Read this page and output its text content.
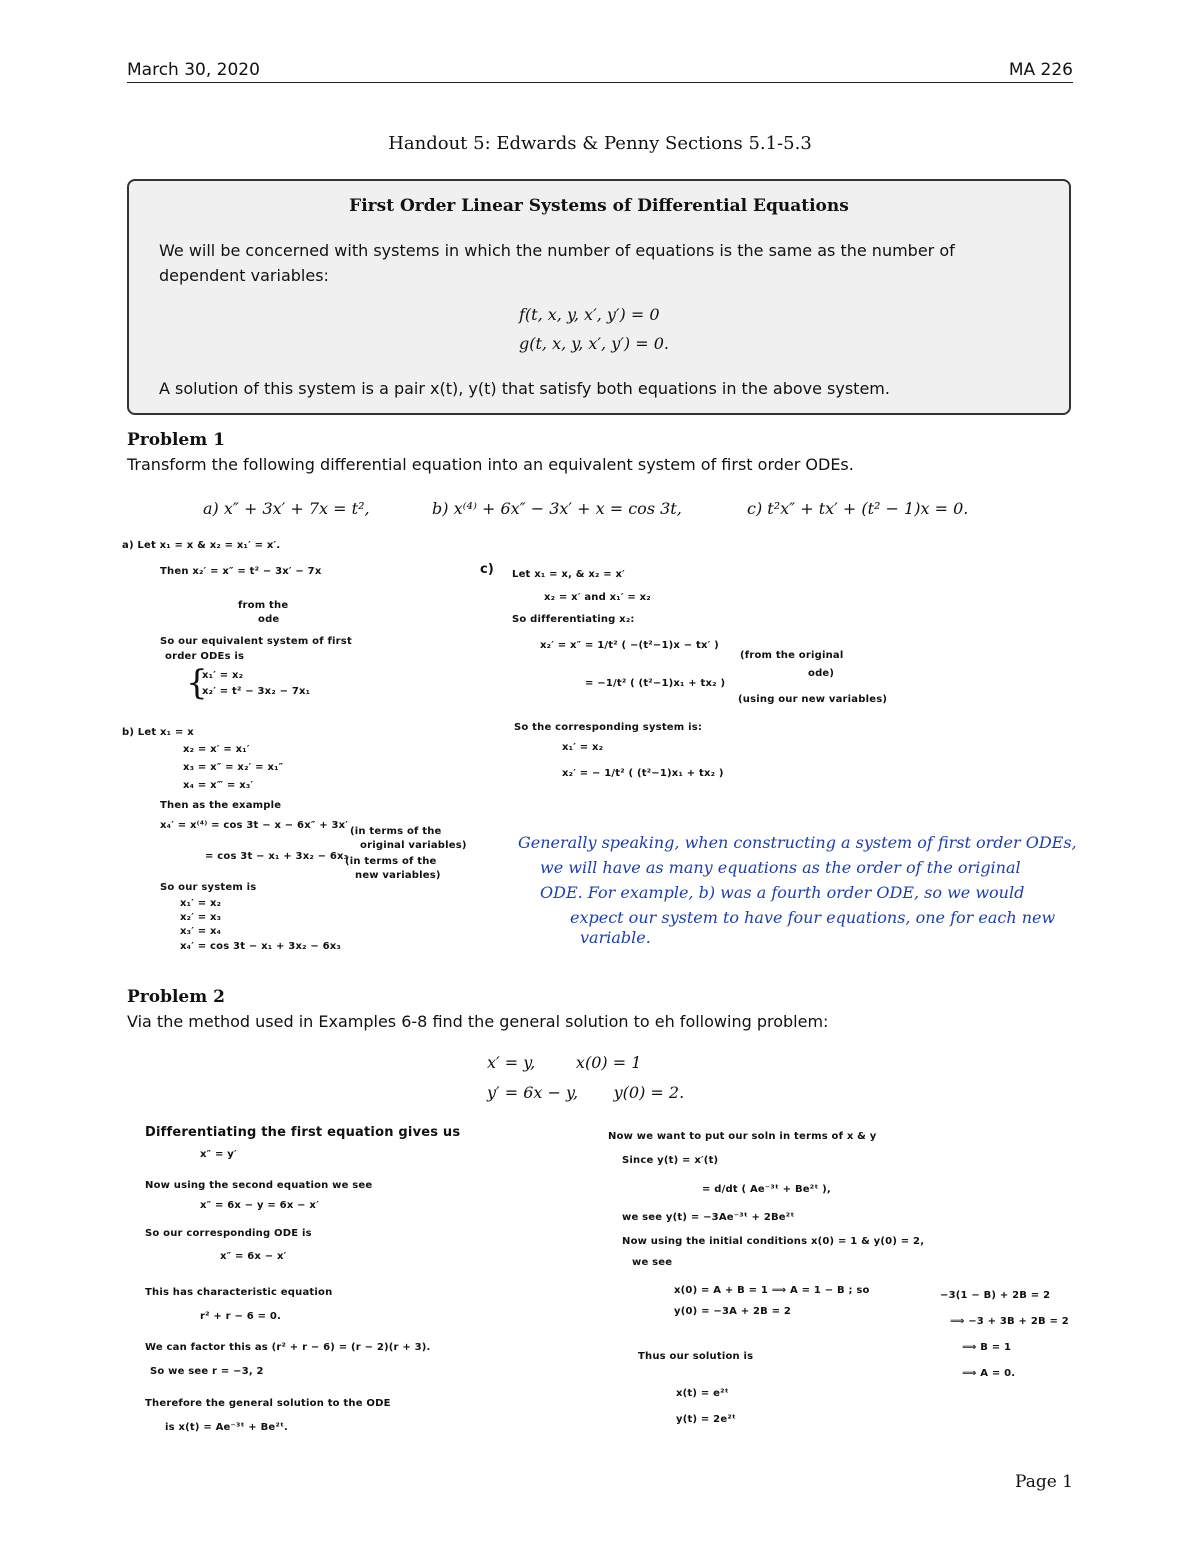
March 30, 2020	MA 226
Handout 5: Edwards & Penny Sections 5.1-5.3
First Order Linear Systems of Differential Equations
We will be concerned with systems in which the number of equations is the same as the number of
dependent variables:
f(t, x, y, x′, y′) = 0
g(t, x, y, x′, y′) = 0.
A solution of this system is a pair x(t), y(t) that satisfy both equations in the above system.
Problem 1
Transform the following differential equation into an equivalent system of first order ODEs.
a) x″ + 3x′ + 7x = t²,	b) x⁽⁴⁾ + 6x″ − 3x′ + x = cos 3t,	c) t²x″ + tx′ + (t² − 1)x = 0.
a) Let x₁ = x & x₂ = x₁′ = x′.
Then x₂′ = x″ = t² − 3x′ − 7x
from the
ode
So our equivalent system of first
order ODEs is
{
x₁′ = x₂
x₂′ = t² − 3x₂ − 7x₁
b) Let x₁ = x
x₂ = x′ = x₁′
x₃ = x″ = x₂′ = x₁″
x₄ = x‴ = x₃′
Then as the example
x₄′ = x⁽⁴⁾ = cos 3t − x − 6x″ + 3x′
(in terms of the
original variables)
= cos 3t − x₁ + 3x₂ − 6x₃
(in terms of the
new variables)
So our system is
x₁′ = x₂
x₂′ = x₃
x₃′ = x₄
x₄′ = cos 3t − x₁ + 3x₂ − 6x₃
c) Let x₁ = x, & x₂ = x′
x₂ = x′ and x₁′ = x₂
So differentiating x₂:
x₂′ = x″ = 1/t² ( −(t²−1)x − tx′ )
= −1/t² ( (t²−1)x₁ + tx₂ )
(from the original
ode)
(using our new variables)
So the corresponding system is:
x₁′ = x₂
x₂′ = − 1/t² ( (t²−1)x₁ + tx₂ )
Generally speaking, when constructing a system of first order ODEs,
we will have as many equations as the order of the original
ODE. For example, b) was a fourth order ODE, so we would
expect our system to have four equations, one for each new
variable.
Problem 2
Via the method used in Examples 6-8 find the general solution to eh following problem:
x′ = y,        x(0) = 1
y′ = 6x − y,       y(0) = 2.
Differentiating the first equation gives us
x″ = y′
Now using the second equation we see
x″ = 6x − y = 6x − x′
So our corresponding ODE is
x″ = 6x − x′
This has characteristic equation
r² + r − 6 = 0.
We can factor this as (r² + r − 6) = (r − 2)(r + 3).
So we see r = −3, 2
Therefore the general solution to the ODE
is x(t) = Ae⁻³ᵗ + Be²ᵗ.
Now we want to put our soln in terms of x & y
Since y(t) = x′(t)
= d/dt ( Ae⁻³ᵗ + Be²ᵗ ),
we see y(t) = −3Ae⁻³ᵗ + 2Be²ᵗ
Now using the initial conditions x(0) = 1 & y(0) = 2,
we see
x(0) = A + B = 1 ⟹ A = 1 − B ; so
y(0) = −3A + 2B = 2
−3(1 − B) + 2B = 2
⟹ −3 + 3B + 2B = 2
⟹ B = 1
⟹ A = 0.
Thus our solution is
x(t) = e²ᵗ
y(t) = 2e²ᵗ
Page 1
